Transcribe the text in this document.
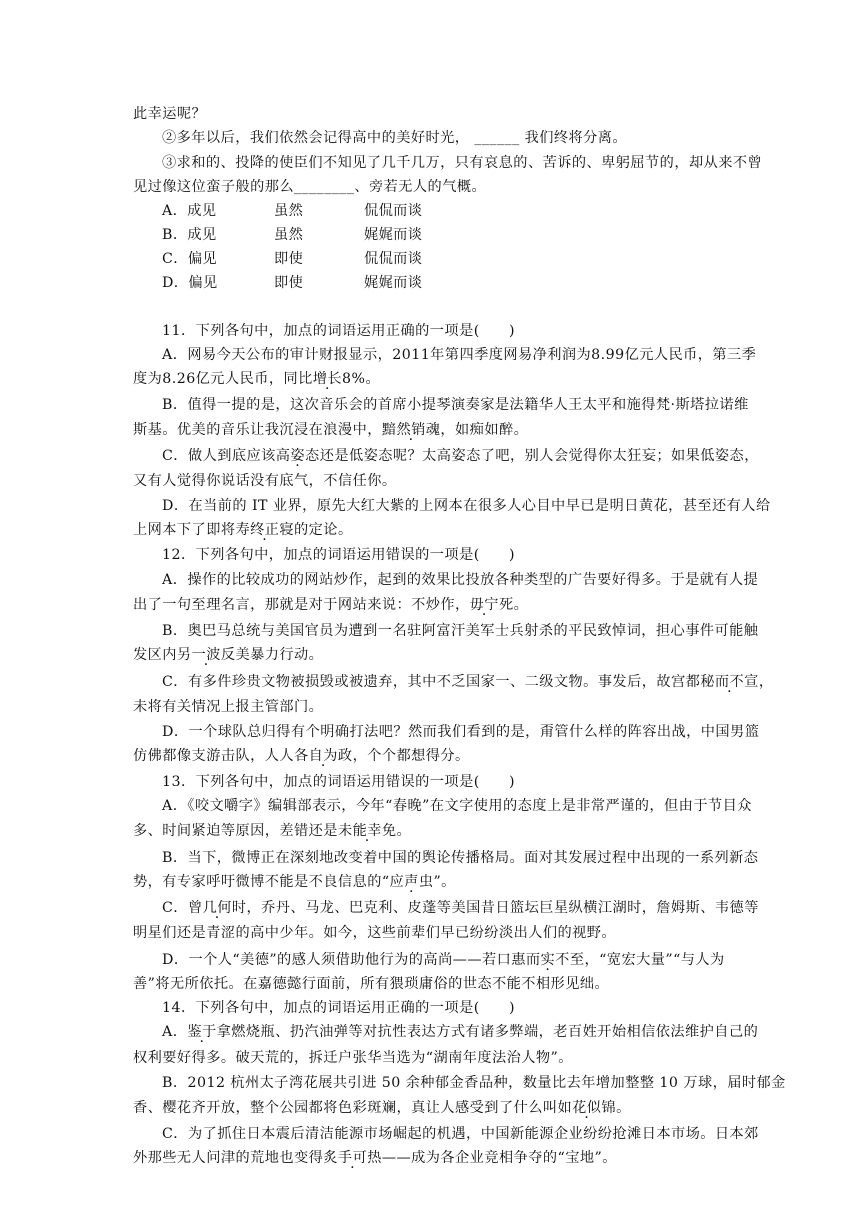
此幸运呢？
②多年以后，我们依然会记得高中的美好时光， ______ 我们终将分离。
③求和的、投降的使臣们不知见了几千几万，只有哀息的、苦诉的、卑躬屈节的，却从来不曾
见过像这位蛮子般的那么________、旁若无人的气概。
A．成见	虽然	侃侃而谈
B．成见	虽然	娓娓而谈
C．偏见	即使	侃侃而谈
D．偏见	即使	娓娓而谈
11．下列各句中，加点的词语运用正确的一项是(　　)
A．网易今天公布的审计财报显示，2011年第四季度网易净利润为8.99亿元人民币，第三季
度为8.26亿元人民币，同比增长8%。
B．值得一提的是，这次音乐会的首席小提琴演奏家是法籍华人王太平和施得梵·斯塔拉诺维
斯基。优美的音乐让我沉浸在浪漫中，黯然销魂，如痴如醉。
C．做人到底应该高姿态还是低姿态呢？太高姿态了吧，别人会觉得你太狂妄；如果低姿态，
又有人觉得你说话没有底气，不信任你。
D．在当前的 IT 业界，原先大红大紫的上网本在很多人心目中早已是明日黄花，甚至还有人给
上网本下了即将寿终正寝的定论。
12．下列各句中，加点的词语运用错误的一项是(　　)
A．操作的比较成功的网站炒作，起到的效果比投放各种类型的广告要好得多。于是就有人提
出了一句至理名言，那就是对于网站来说：不炒作，毋宁死。
B．奥巴马总统与美国官员为遭到一名驻阿富汗美军士兵射杀的平民致悼词，担心事件可能触
发区内另一波反美暴力行动。
C．有多件珍贵文物被损毁或被遗弃，其中不乏国家一、二级文物。事发后，故宫都秘而不宣，
未将有关情况上报主管部门。
D．一个球队总归得有个明确打法吧？然而我们看到的是，甭管什么样的阵容出战，中国男篮
仿佛都像支游击队，人人各自为政，个个都想得分。
13．下列各句中，加点的词语运用错误的一项是(　　)
A．《咬文嚼字》编辑部表示，今年“春晚”在文字使用的态度上是非常严谨的，但由于节目众
多、时间紧迫等原因，差错还是未能幸免。
B．当下，微博正在深刻地改变着中国的舆论传播格局。面对其发展过程中出现的一系列新态
势，有专家呼吁微博不能是不良信息的“应声虫”。
C．曾几何时，乔丹、马龙、巴克利、皮蓬等美国昔日篮坛巨星纵横江湖时，詹姆斯、韦德等
明星们还是青涩的高中少年。如今，这些前辈们早已纷纷淡出人们的视野。
D．一个人“美德”的感人须借助他行为的高尚——若口惠而实不至 ·，“宽宏大量”“与人为
善”将无所依托。在嘉德懿行面前，所有猥琐庸俗的世态不能不相形见绌。
14．下列各句中，加点的词语运用正确的一项是(　　)
A．鉴于拿燃烧瓶、扔汽油弹等对抗性表达方式有诸多弊端，老百姓开始相信依法维护自己的
权利要好得多。破天荒的，拆迁户张华当选为“湖南年度法治人物”。
B．2012 杭州太子湾花展共引进 50 余种郁金香品种，数量比去年增加整整 10 万球，届时郁金
香、樱花齐开放，整个公园都将色彩斑斓，真让人感受到了什么叫如花似锦。
C．为了抓住日本震后清洁能源市场崛起的机遇，中国新能源企业纷纷抢滩日本市场。日本郊
外那些无人问津的荒地也变得炙手可热——成为各企业竞相争夺的“宝地”。
